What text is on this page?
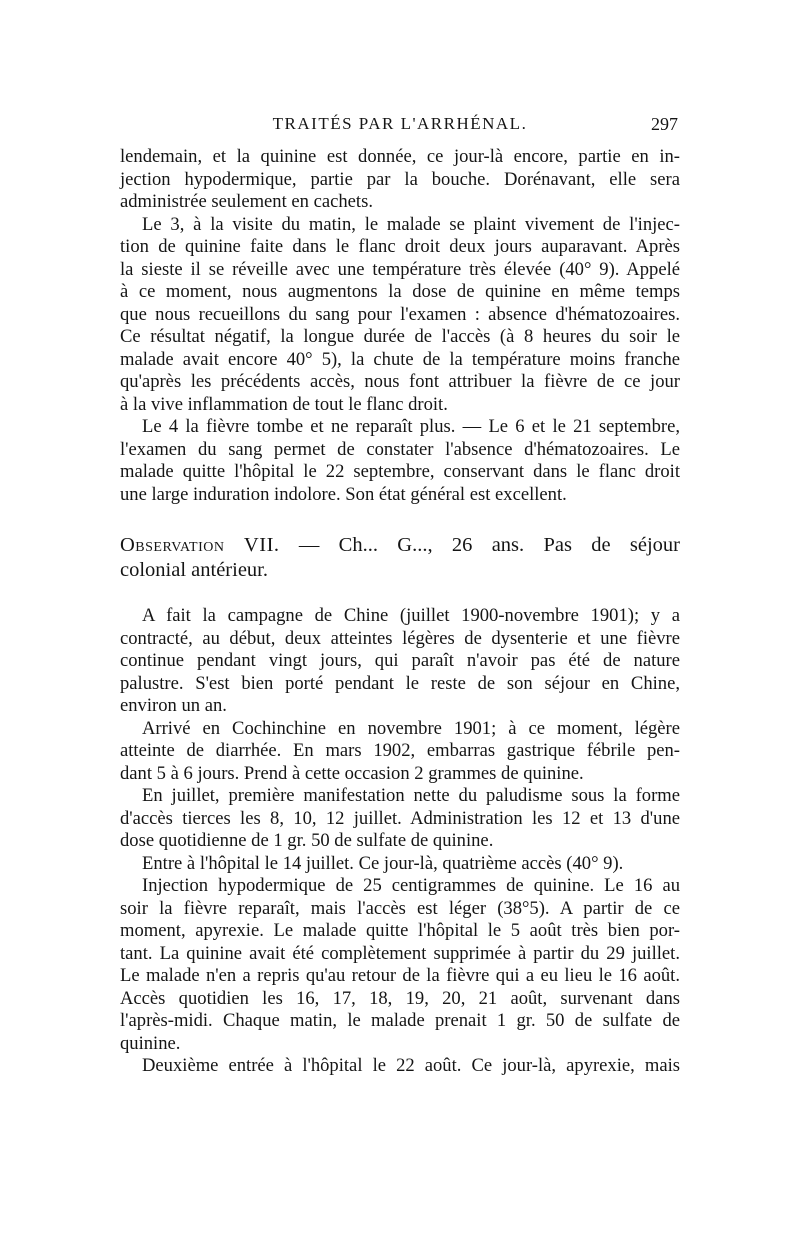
TRAITÉS PAR L'ARRHÉNAL.	297
lendemain, et la quinine est donnée, ce jour-là encore, partie en in-
jection hypodermique, partie par la bouche. Dorénavant, elle sera
administrée seulement en cachets.
Le 3, à la visite du matin, le malade se plaint vivement de l'injec-
tion de quinine faite dans le flanc droit deux jours auparavant. Après
la sieste il se réveille avec une température très élevée (40° 9). Appelé
à ce moment, nous augmentons la dose de quinine en même temps
que nous recueillons du sang pour l'examen : absence d'hématozoaires.
Ce résultat négatif, la longue durée de l'accès (à 8 heures du soir le
malade avait encore 40° 5), la chute de la température moins franche
qu'après les précédents accès, nous font attribuer la fièvre de ce jour
à la vive inflammation de tout le flanc droit.
Le 4 la fièvre tombe et ne reparaît plus. — Le 6 et le 21 septembre,
l'examen du sang permet de constater l'absence d'hématozoaires. Le
malade quitte l'hôpital le 22 septembre, conservant dans le flanc droit
une large induration indolore. Son état général est excellent.
Observation VII. — Ch... G..., 26 ans. Pas de séjour
colonial antérieur.
A fait la campagne de Chine (juillet 1900-novembre 1901); y a
contracté, au début, deux atteintes légères de dysenterie et une fièvre
continue pendant vingt jours, qui paraît n'avoir pas été de nature
palustre. S'est bien porté pendant le reste de son séjour en Chine,
environ un an.
Arrivé en Cochinchine en novembre 1901; à ce moment, légère
atteinte de diarrhée. En mars 1902, embarras gastrique fébrile pen-
dant 5 à 6 jours. Prend à cette occasion 2 grammes de quinine.
En juillet, première manifestation nette du paludisme sous la forme
d'accès tierces les 8, 10, 12 juillet. Administration les 12 et 13 d'une
dose quotidienne de 1 gr. 50 de sulfate de quinine.
Entre à l'hôpital le 14 juillet. Ce jour-là, quatrième accès (40° 9).
Injection hypodermique de 25 centigrammes de quinine. Le 16 au
soir la fièvre reparaît, mais l'accès est léger (38°5). A partir de ce
moment, apyrexie. Le malade quitte l'hôpital le 5 août très bien por-
tant. La quinine avait été complètement supprimée à partir du 29 juillet.
Le malade n'en a repris qu'au retour de la fièvre qui a eu lieu le 16 août.
Accès quotidien les 16, 17, 18, 19, 20, 21 août, survenant dans
l'après-midi. Chaque matin, le malade prenait 1 gr. 50 de sulfate de
quinine.
Deuxième entrée à l'hôpital le 22 août. Ce jour-là, apyrexie, mais
